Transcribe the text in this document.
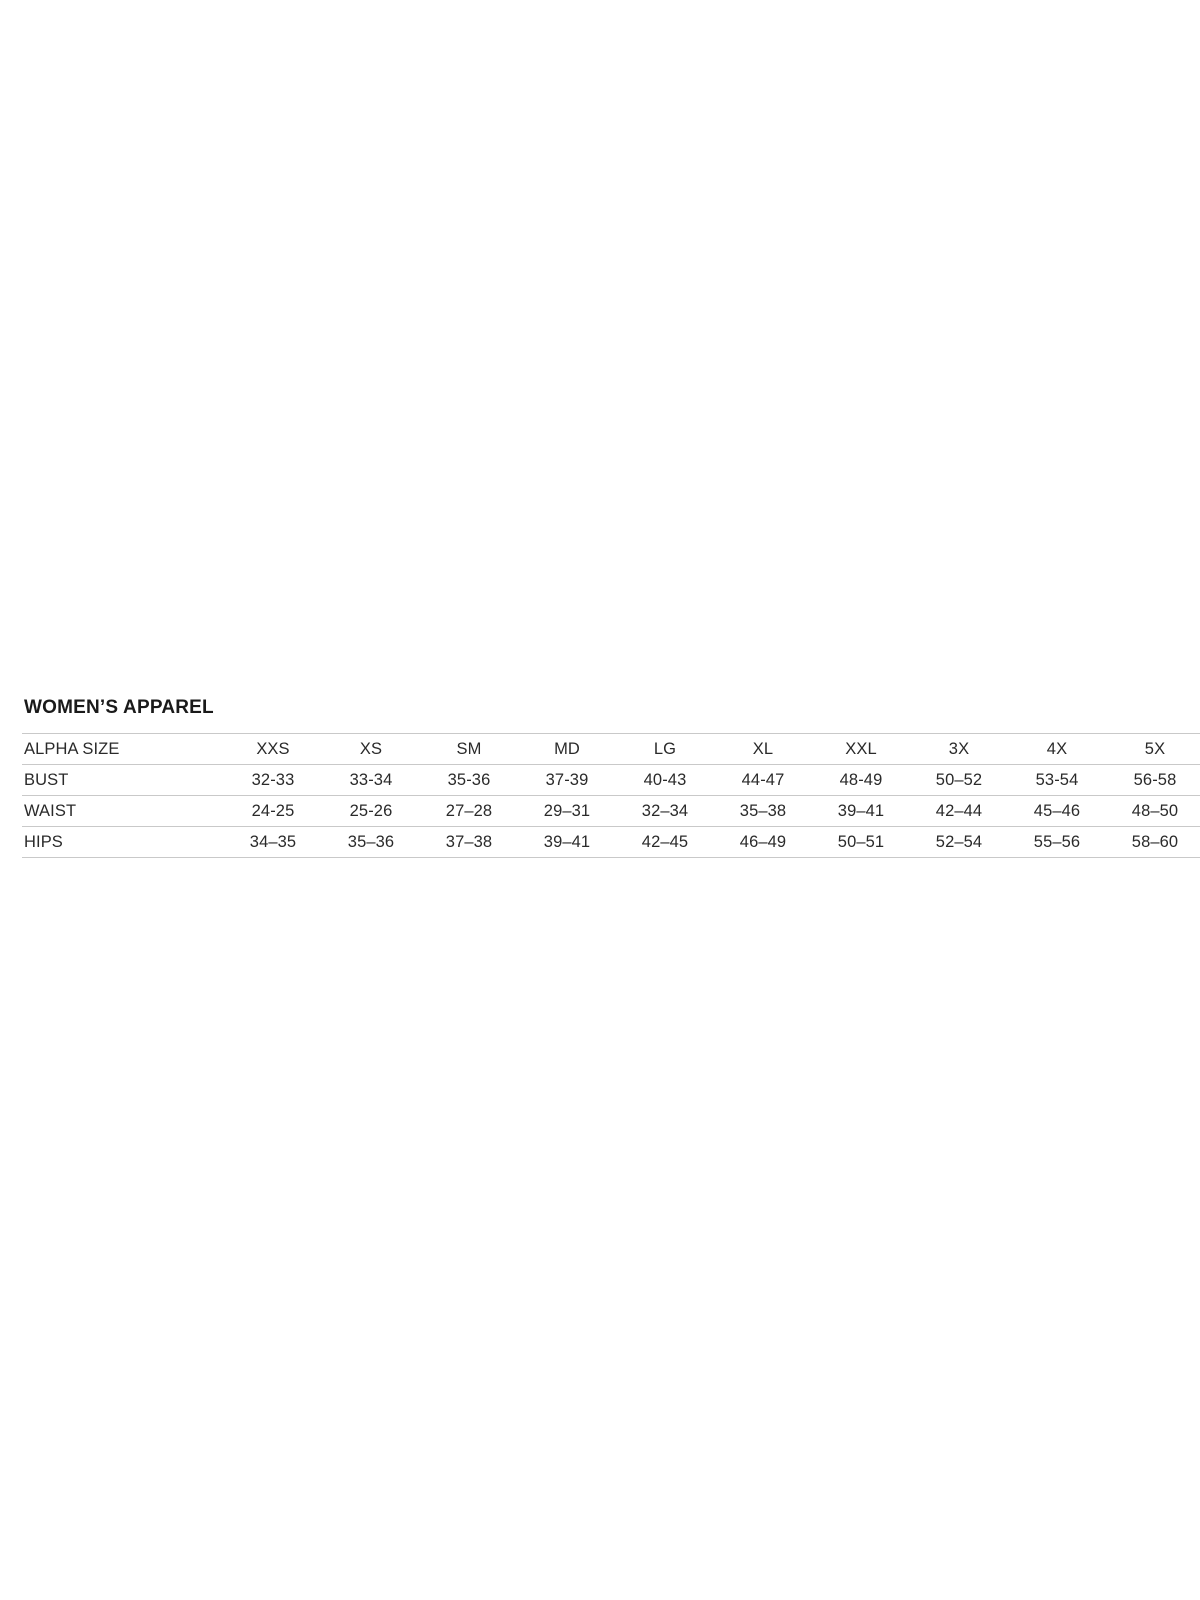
WOMEN’S APPAREL
ALPHA SIZE	XXS	XS	SM	MD	LG	XL	XXL	3X	4X	5X
BUST	32-33	33-34	35-36	37-39	40-43	44-47	48-49	50–52	53-54	56-58
WAIST	24-25	25-26	27–28	29–31	32–34	35–38	39–41	42–44	45–46	48–50
HIPS	34–35	35–36	37–38	39–41	42–45	46–49	50–51	52–54	55–56	58–60
